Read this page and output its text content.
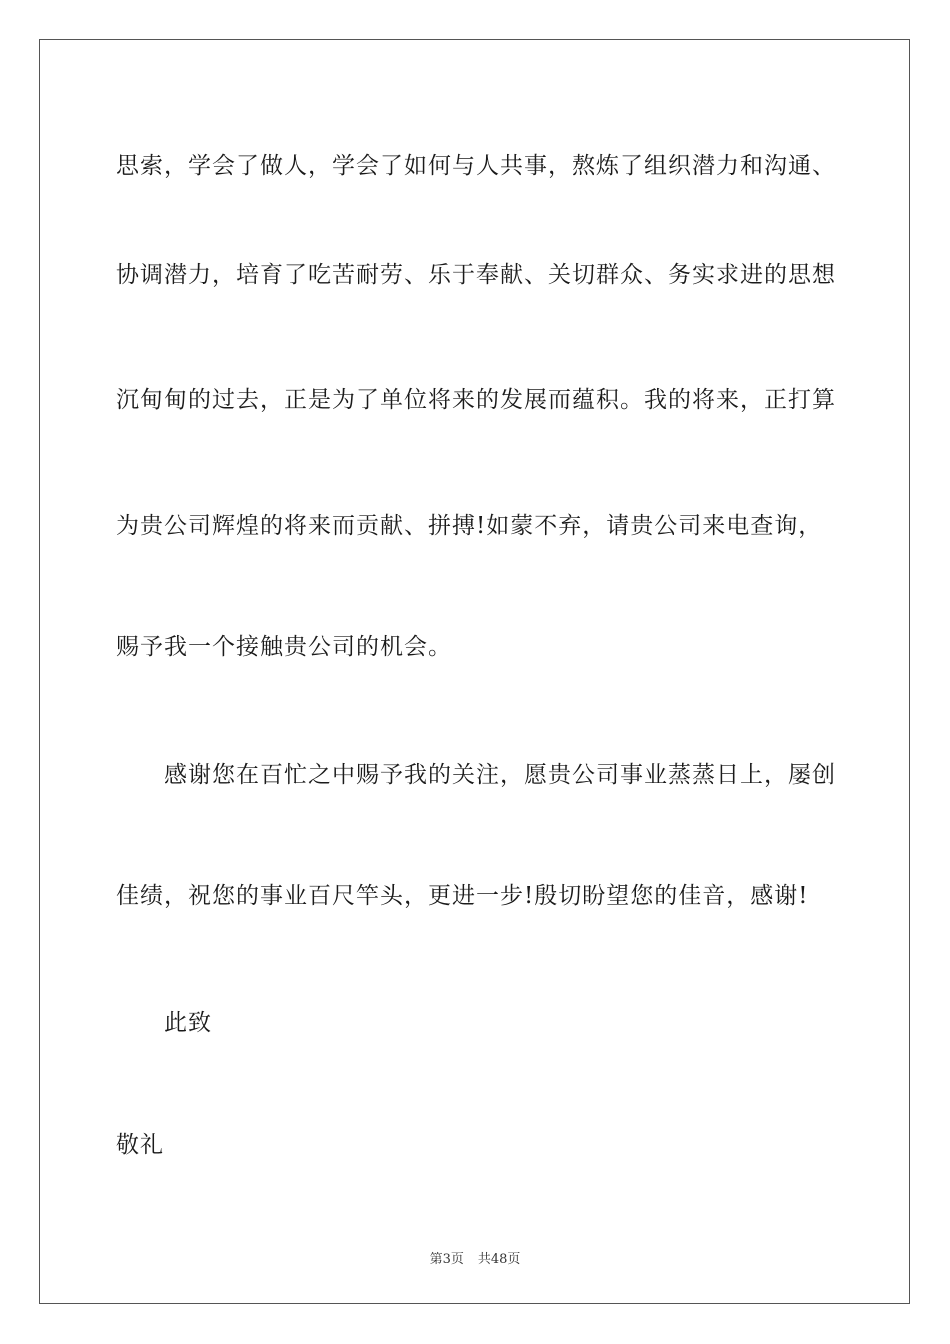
思索，学会了做人，学会了如何与人共事，熬炼了组织潜力和沟通、
协调潜力，培育了吃苦耐劳、乐于奉献、关切群众、务实求进的思想
沉甸甸的过去，正是为了单位将来的发展而蕴积。我的将来，正打算
为贵公司辉煌的将来而贡献、拼搏!如蒙不弃，请贵公司来电查询，
赐予我一个接触贵公司的机会。
感谢您在百忙之中赐予我的关注，愿贵公司事业蒸蒸日上，屡创
佳绩，祝您的事业百尺竿头，更进一步!殷切盼望您的佳音，感谢!
此致
敬礼
第3页 共48页
